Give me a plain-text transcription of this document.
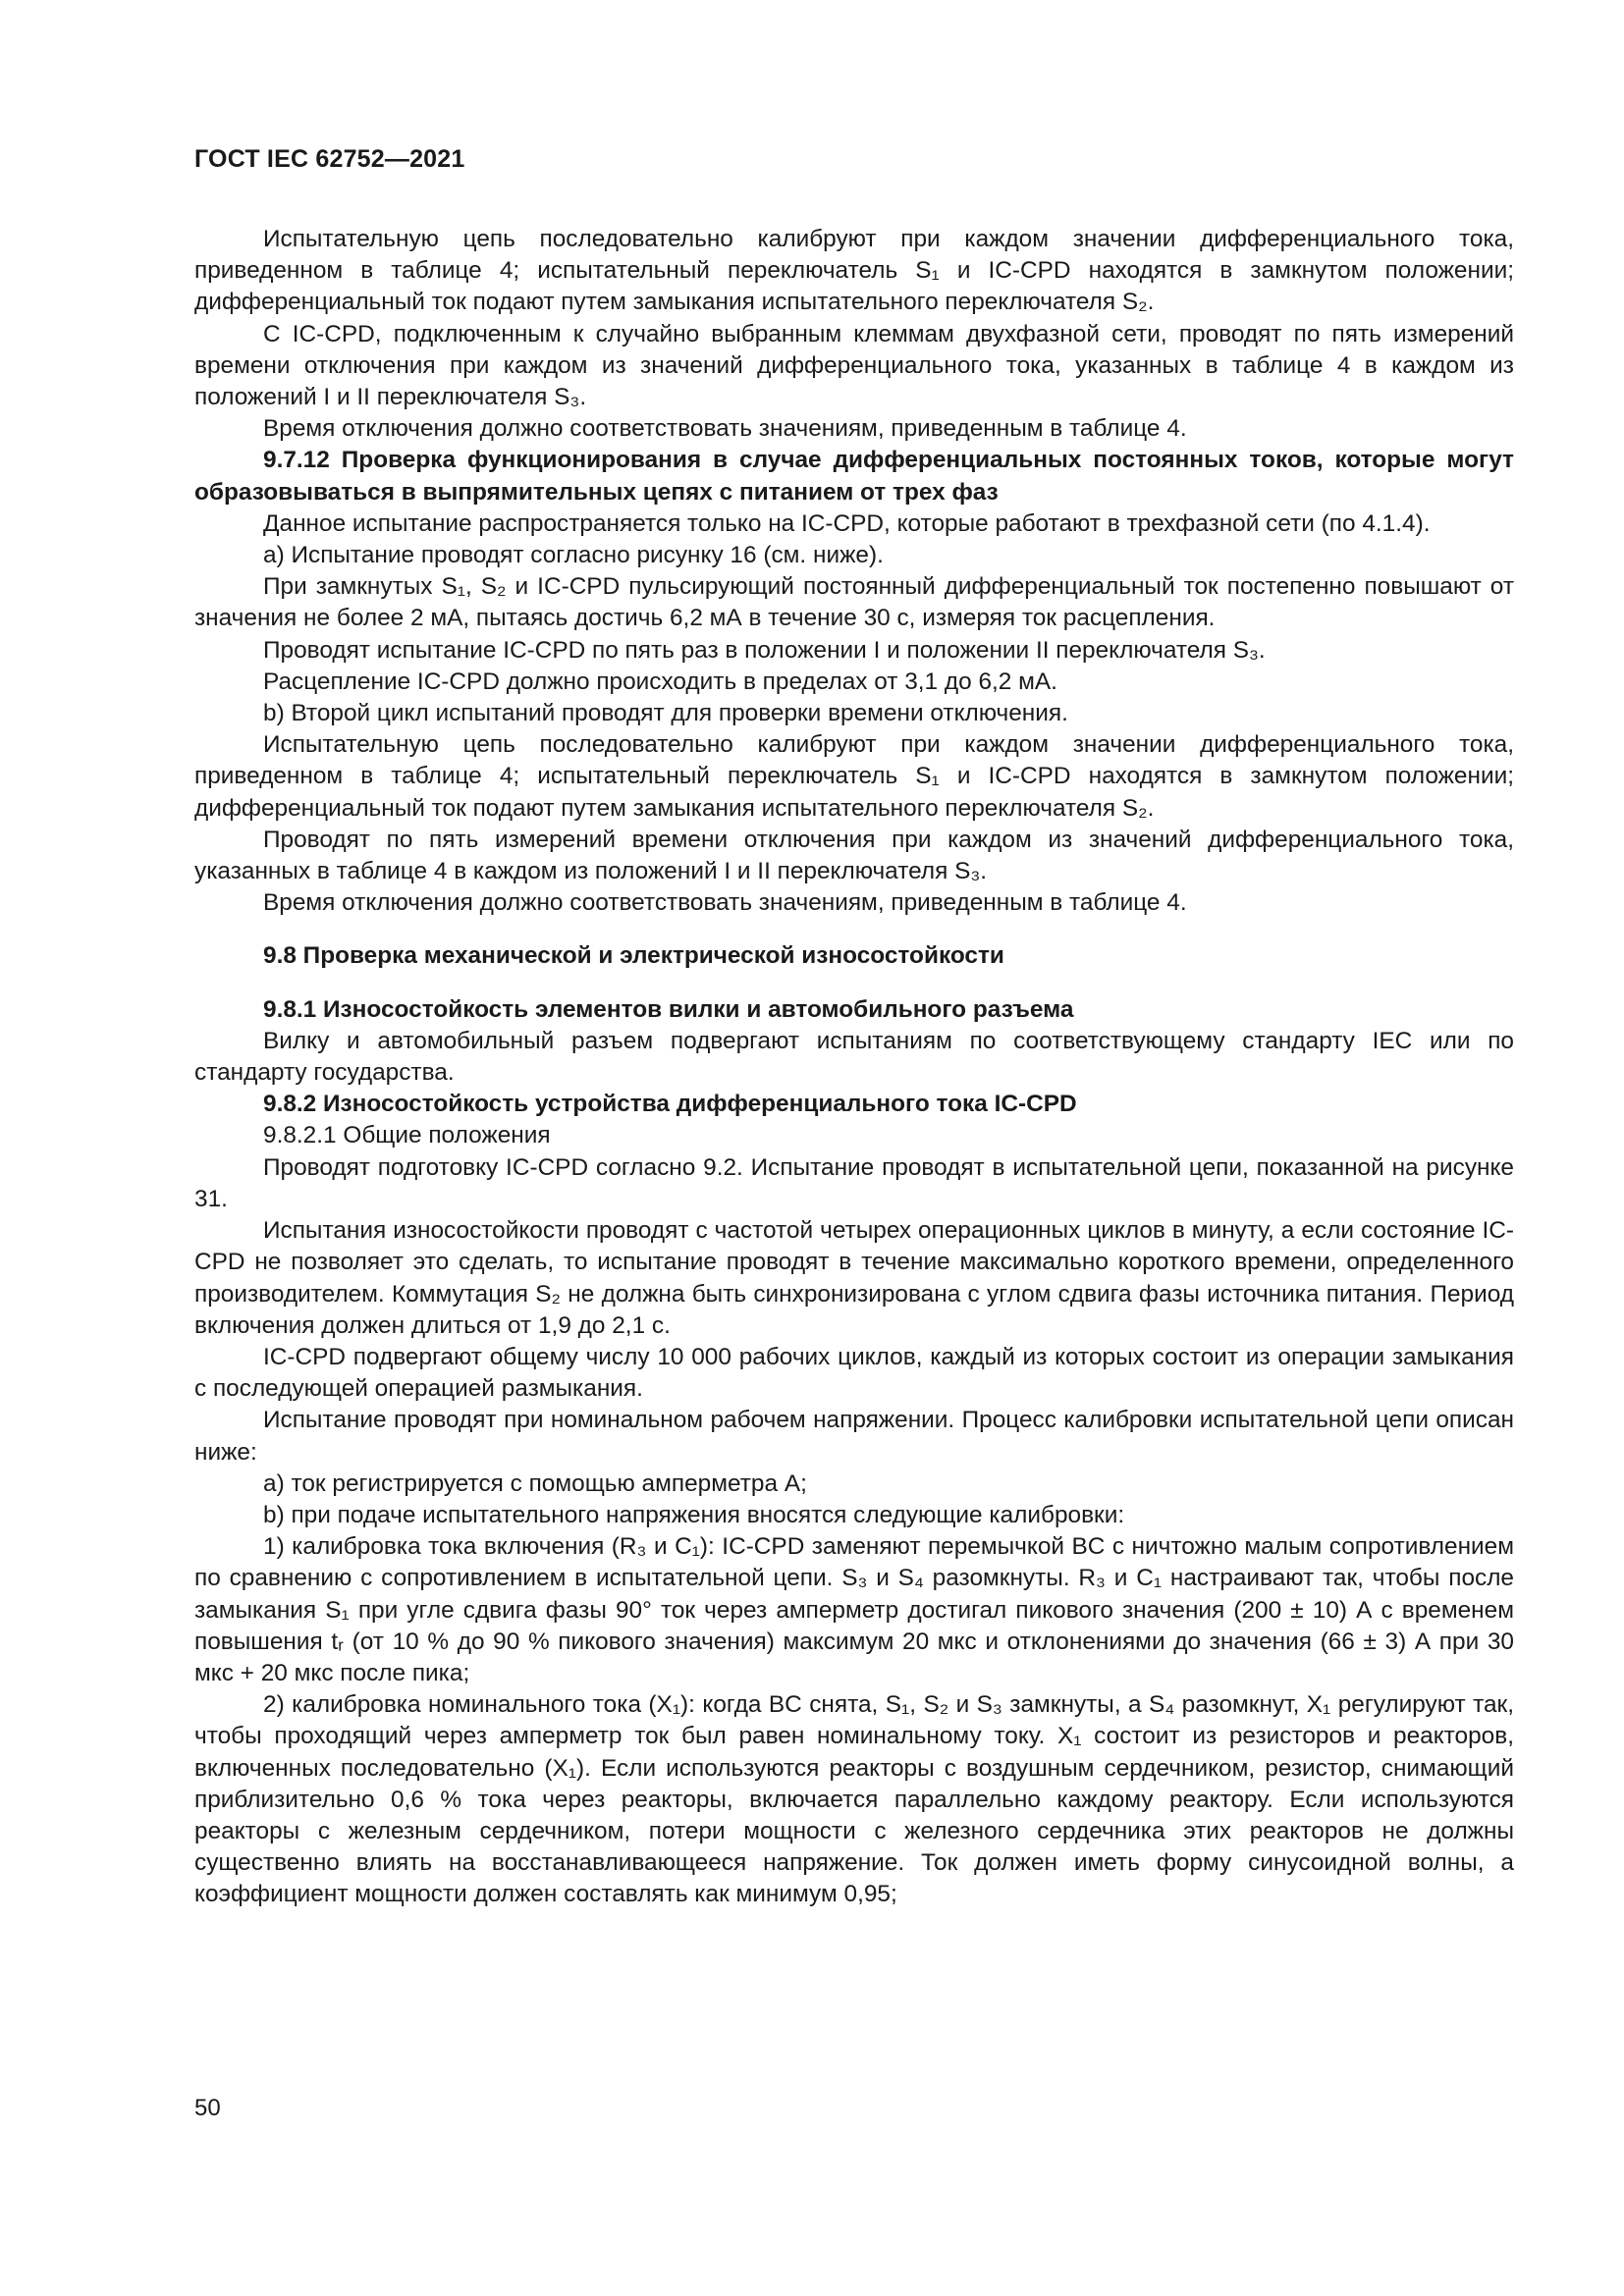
ГОСТ IEC 62752—2021

Испытательную цепь последовательно калибруют при каждом значении дифференциального тока, приведенном в таблице 4; испытательный переключатель S₁ и IC-CPD находятся в замкнутом положении; дифференциальный ток подают путем замыкания испытательного переключателя S₂.

С IC-CPD, подключенным к случайно выбранным клеммам двухфазной сети, проводят по пять измерений времени отключения при каждом из значений дифференциального тока, указанных в таблице 4 в каждом из положений I и II переключателя S₃.

Время отключения должно соответствовать значениям, приведенным в таблице 4.

9.7.12 Проверка функционирования в случае дифференциальных постоянных токов, которые могут образовываться в выпрямительных цепях с питанием от трех фаз

Данное испытание распространяется только на IC-CPD, которые работают в трехфазной сети (по 4.1.4).

a) Испытание проводят согласно рисунку 16 (см. ниже).

При замкнутых S₁, S₂ и IC-CPD пульсирующий постоянный дифференциальный ток постепенно повышают от значения не более 2 мА, пытаясь достичь 6,2 мА в течение 30 с, измеряя ток расцепления.

Проводят испытание IC-CPD по пять раз в положении I и положении II переключателя S₃.

Расцепление IC-CPD должно происходить в пределах от 3,1 до 6,2 мА.

b) Второй цикл испытаний проводят для проверки времени отключения.

Испытательную цепь последовательно калибруют при каждом значении дифференциального тока, приведенном в таблице 4; испытательный переключатель S₁ и IC-CPD находятся в замкнутом положении; дифференциальный ток подают путем замыкания испытательного переключателя S₂.

Проводят по пять измерений времени отключения при каждом из значений дифференциального тока, указанных в таблице 4 в каждом из положений I и II переключателя S₃.

Время отключения должно соответствовать значениям, приведенным в таблице 4.

9.8 Проверка механической и электрической износостойкости

9.8.1 Износостойкость элементов вилки и автомобильного разъема

Вилку и автомобильный разъем подвергают испытаниям по соответствующему стандарту IEC или по стандарту государства.

9.8.2 Износостойкость устройства дифференциального тока IC-CPD

9.8.2.1 Общие положения

Проводят подготовку IC-CPD согласно 9.2. Испытание проводят в испытательной цепи, показанной на рисунке 31.

Испытания износостойкости проводят с частотой четырех операционных циклов в минуту, а если состояние IC-CPD не позволяет это сделать, то испытание проводят в течение максимально короткого времени, определенного производителем. Коммутация S₂ не должна быть синхронизирована с углом сдвига фазы источника питания. Период включения должен длиться от 1,9 до 2,1 с.

IC-CPD подвергают общему числу 10 000 рабочих циклов, каждый из которых состоит из операции замыкания с последующей операцией размыкания.

Испытание проводят при номинальном рабочем напряжении. Процесс калибровки испытательной цепи описан ниже:

a) ток регистрируется с помощью амперметра A;

b) при подаче испытательного напряжения вносятся следующие калибровки:

1) калибровка тока включения (R₃ и C₁): IC-CPD заменяют перемычкой BC с ничтожно малым сопротивлением по сравнению с сопротивлением в испытательной цепи. S₃ и S₄ разомкнуты. R₃ и C₁ настраивают так, чтобы после замыкания S₁ при угле сдвига фазы 90° ток через амперметр достигал пикового значения (200 ± 10) А с временем повышения tᵣ (от 10 % до 90 % пикового значения) максимум 20 мкс и отклонениями до значения (66 ± 3) А при 30 мкс + 20 мкс после пика;

2) калибровка номинального тока (X₁): когда BC снята, S₁, S₂ и S₃ замкнуты, а S₄ разомкнут, X₁ регулируют так, чтобы проходящий через амперметр ток был равен номинальному току. X₁ состоит из резисторов и реакторов, включенных последовательно (X₁). Если используются реакторы с воздушным сердечником, резистор, снимающий приблизительно 0,6 % тока через реакторы, включается параллельно каждому реактору. Если используются реакторы с железным сердечником, потери мощности с железного сердечника этих реакторов не должны существенно влиять на восстанавливающееся напряжение. Ток должен иметь форму синусоидной волны, а коэффициент мощности должен составлять как минимум 0,95;

50
